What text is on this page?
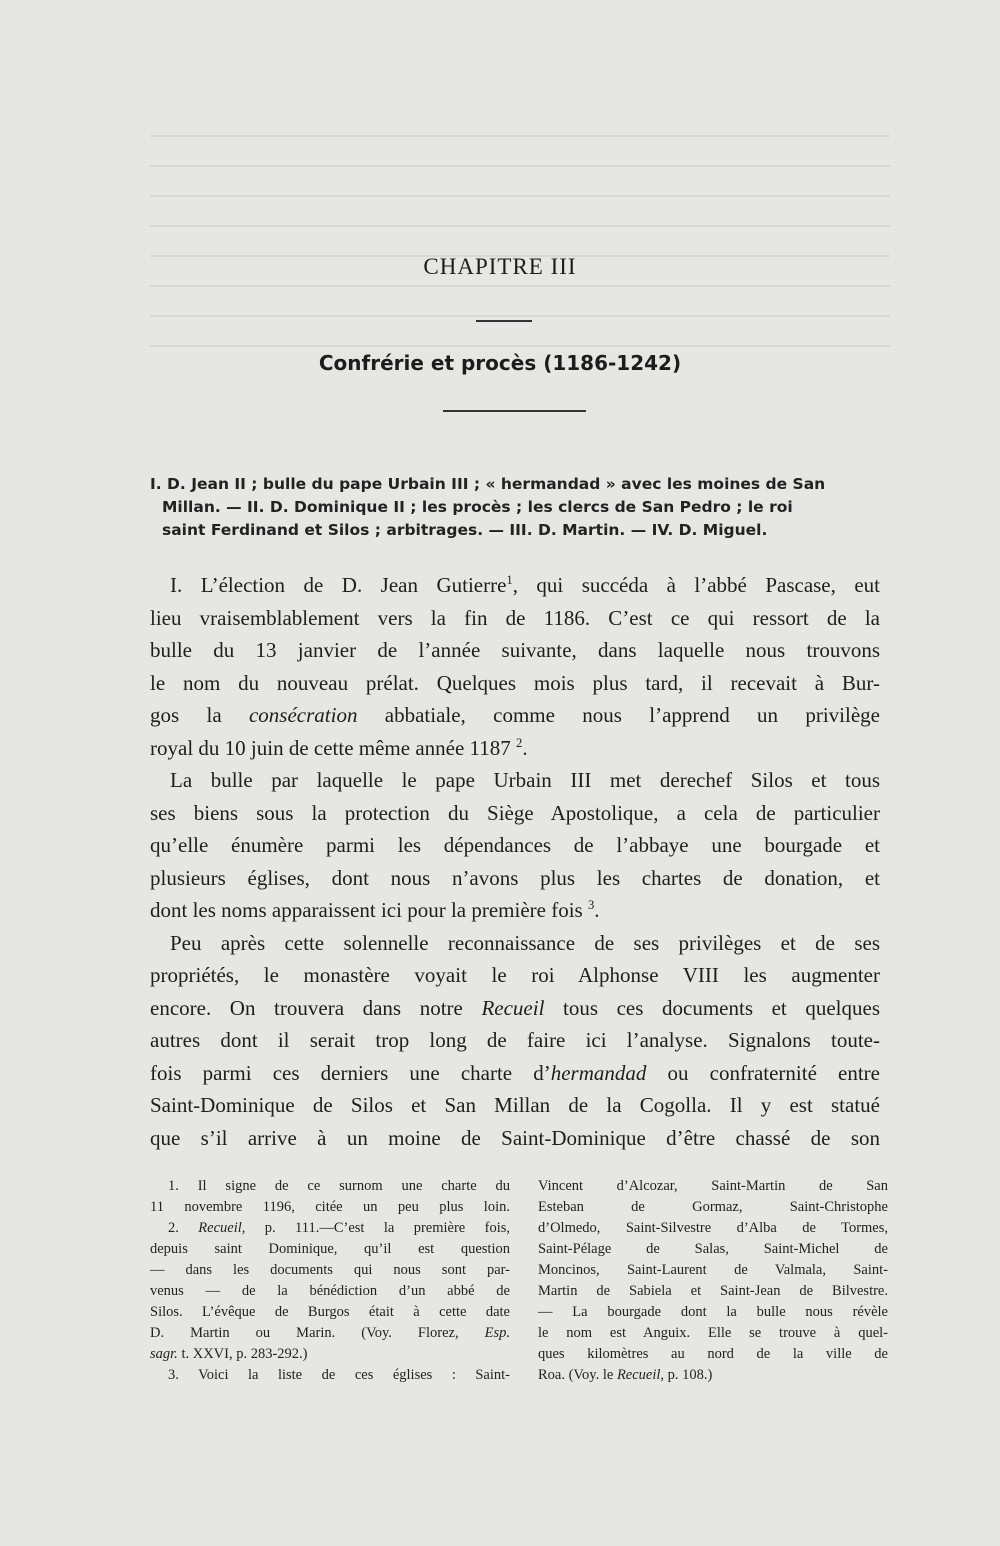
CHAPITRE III
Confrérie et procès (1186-1242)
I. D. Jean II ; bulle du pape Urbain III ; « hermandad » avec les moines de San
Millan. — II. D. Dominique II ; les procès ; les clercs de San Pedro ; le roi
saint Ferdinand et Silos ; arbitrages. — III. D. Martin. — IV. D. Miguel.
I. L’élection de D. Jean Gutierre$^1$, qui succéda à l’abbé Pascase, eut
lieu vraisemblablement vers la fin de 1186. C’est ce qui ressort de la
bulle du 13 janvier de l’année suivante, dans laquelle nous trouvons
le nom du nouveau prélat. Quelques mois plus tard, il recevait à Bur-
gos la consécration abbatiale, comme nous l’apprend un privilège
royal du 10 juin de cette même année 1187 $^2$.
La bulle par laquelle le pape Urbain III met derechef Silos et tous
ses biens sous la protection du Siège Apostolique, a cela de particulier
qu’elle énumère parmi les dépendances de l’abbaye une bourgade et
plusieurs églises, dont nous n’avons plus les chartes de donation, et
dont les noms apparaissent ici pour la première fois $^3$.
Peu après cette solennelle reconnaissance de ses privilèges et de ses
propriétés, le monastère voyait le roi Alphonse VIII les augmenter
encore. On trouvera dans notre Recueil tous ces documents et quelques
autres dont il serait trop long de faire ici l’analyse. Signalons toute-
fois parmi ces derniers une charte d’hermandad ou confraternité entre
Saint-Dominique de Silos et San Millan de la Cogolla. Il y est statué
que s’il arrive à un moine de Saint-Dominique d’être chassé de son
1. Il signe de ce surnom une charte du
11 novembre 1196, citée un peu plus loin.
2. Recueil, p. 111.—C’est la première fois,
depuis saint Dominique, qu’il est question
— dans les documents qui nous sont par-
venus — de la bénédiction d’un abbé de
Silos. L’évêque de Burgos était à cette date
D. Martin ou Marin. (Voy. Florez, Esp.
sagr. t. XXVI, p. 283-292.)
3. Voici la liste de ces églises : Saint-
Vincent d’Alcozar, Saint-Martin de San
Esteban de Gormaz, Saint-Christophe
d’Olmedo, Saint-Silvestre d’Alba de Tormes,
Saint-Pélage de Salas, Saint-Michel de
Moncinos, Saint-Laurent de Valmala, Saint-
Martin de Sabiela et Saint-Jean de Bilvestre.
— La bourgade dont la bulle nous révèle
le nom est Anguix. Elle se trouve à quel-
ques kilomètres au nord de la ville de
Roa. (Voy. le Recueil, p. 108.)
